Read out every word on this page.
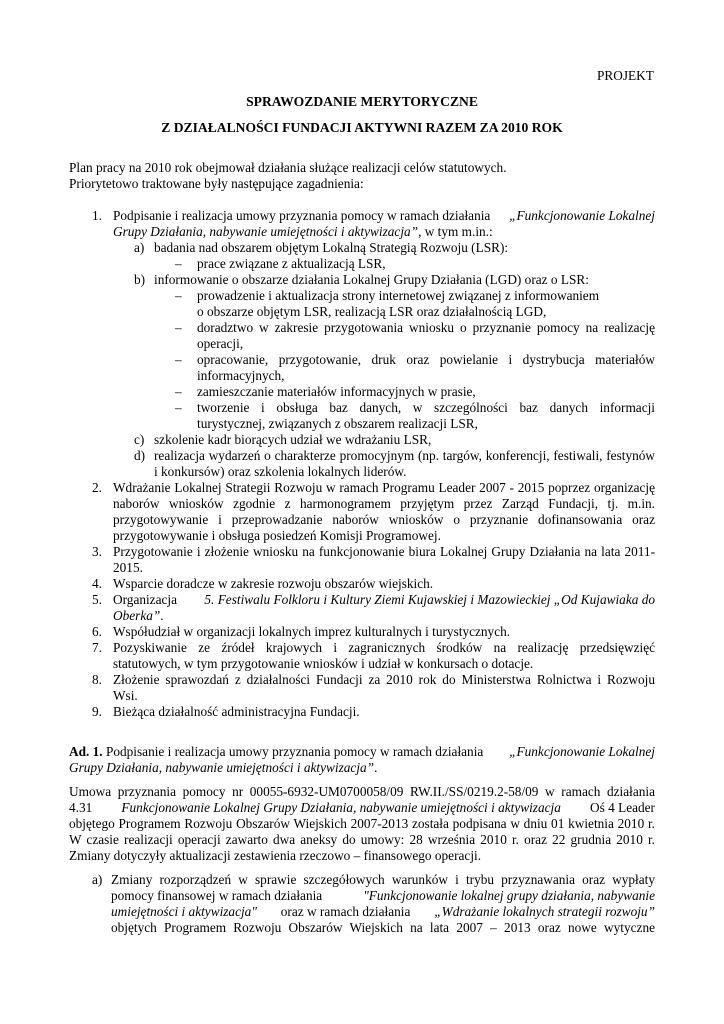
PROJEKT
SPRAWOZDANIE MERYTORYCZNE
Z DZIAŁALNOŚCI FUNDACJI AKTYWNI RAZEM ZA 2010 ROK
Plan pracy na 2010 rok obejmował działania służące realizacji celów statutowych.
Priorytetowo traktowane były następujące zagadnienia:
1. Podpisanie i realizacja umowy przyznania pomocy w ramach działania „Funkcjonowanie Lokalnej
Grupy Działania, nabywanie umiejętności i aktywizacja”, w tym m.in.:
a) badania nad obszarem objętym Lokalną Strategią Rozwoju (LSR):
– prace związane z aktualizacją LSR,
b) informowanie o obszarze działania Lokalnej Grupy Działania (LGD) oraz o LSR:
– prowadzenie i aktualizacja strony internetowej związanej z informowaniem
o obszarze objętym LSR, realizacją LSR oraz działalnością LGD,
– doradztwo w zakresie przygotowania wniosku o przyznanie pomocy na realizację
operacji,
– opracowanie, przygotowanie, druk oraz powielanie i dystrybucja materiałów
informacyjnych,
– zamieszczanie materiałów informacyjnych w prasie,
– tworzenie i obsługa baz danych, w szczególności baz danych informacji
turystycznej, związanych z obszarem realizacji LSR,
c) szkolenie kadr biorących udział we wdrażaniu LSR,
d) realizacja wydarzeń o charakterze promocyjnym (np. targów, konferencji, festiwali, festynów
i konkursów) oraz szkolenia lokalnych liderów.
2. Wdrażanie Lokalnej Strategii Rozwoju w ramach Programu Leader 2007 - 2015 poprzez organizację
naborów wniosków zgodnie z harmonogramem przyjętym przez Zarząd Fundacji, tj. m.in.
przygotowywanie i przeprowadzanie naborów wniosków o przyznanie dofinansowania oraz
przygotowywanie i obsługa posiedzeń Komisji Programowej.
3. Przygotowanie i złożenie wniosku na funkcjonowanie biura Lokalnej Grupy Działania na lata 2011-
2015.
4. Wsparcie doradcze w zakresie rozwoju obszarów wiejskich.
5. Organizacja 5. Festiwalu Folkloru i Kultury Ziemi Kujawskiej i Mazowieckiej „Od Kujawiaka do
Oberka”.
6. Współudział w organizacji lokalnych imprez kulturalnych i turystycznych.
7. Pozyskiwanie ze źródeł krajowych i zagranicznych środków na realizację przedsięwzięć
statutowych, w tym przygotowanie wniosków i udział w konkursach o dotacje.
8. Złożenie sprawozdań z działalności Fundacji za 2010 rok do Ministerstwa Rolnictwa i Rozwoju
Wsi.
9. Bieżąca działalność administracyjna Fundacji.
Ad. 1. Podpisanie i realizacja umowy przyznania pomocy w ramach działania „Funkcjonowanie Lokalnej
Grupy Działania, nabywanie umiejętności i aktywizacja”.
Umowa przyznania pomocy nr 00055-6932-UM0700058/09 RW.II./SS/0219.2-58/09 w ramach działania
4.31 Funkcjonowanie Lokalnej Grupy Działania, nabywanie umiejętności i aktywizacja Oś 4 Leader
objętego Programem Rozwoju Obszarów Wiejskich 2007-2013 została podpisana w dniu 01 kwietnia 2010 r.
W czasie realizacji operacji zawarto dwa aneksy do umowy: 28 września 2010 r. oraz 22 grudnia 2010 r.
Zmiany dotyczyły aktualizacji zestawienia rzeczowo – finansowego operacji.
a) Zmiany rozporządzeń w sprawie szczegółowych warunków i trybu przyznawania oraz wypłaty
pomocy finansowej w ramach działania	"Funkcjonowanie lokalnej grupy działania, nabywanie
umiejętności i aktywizacja" oraz w ramach działania „Wdrażanie lokalnych strategii rozwoju”
objętych Programem Rozwoju Obszarów Wiejskich na lata 2007 – 2013 oraz nowe wytyczne
